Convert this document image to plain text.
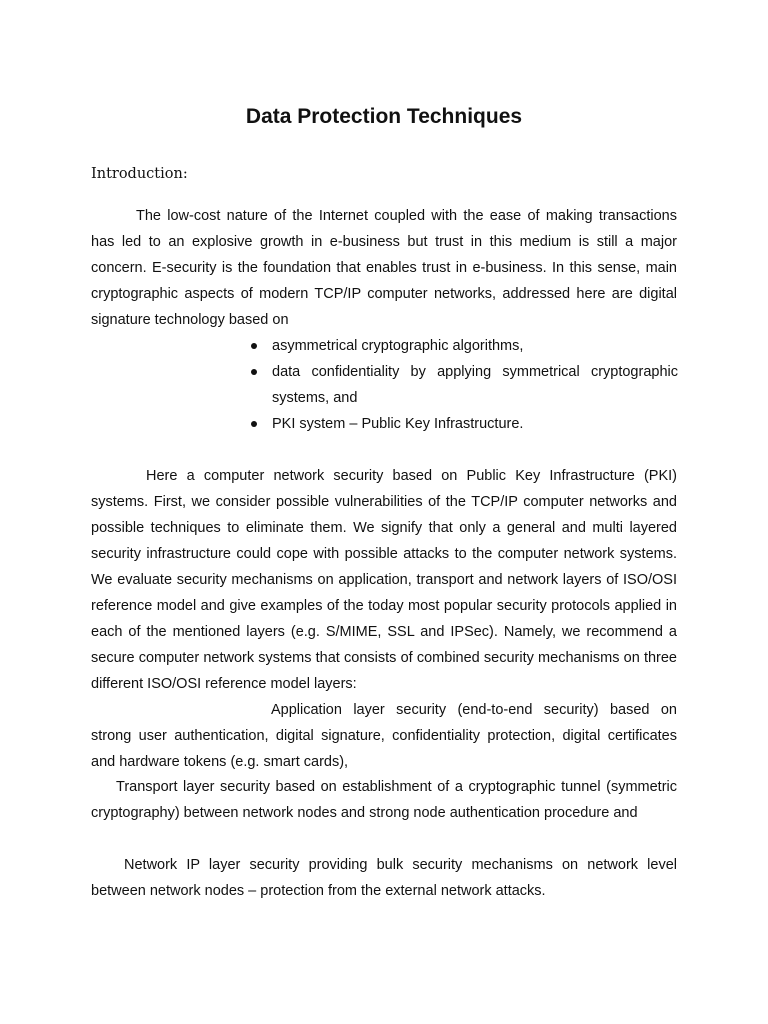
Data Protection Techniques
Introduction:

The low-cost nature of the Internet coupled with the ease of making transactions has led to an explosive growth in e-business but trust in this medium is still a major concern. E-security is the foundation that enables trust in e-business. In this sense, main cryptographic aspects of modern TCP/IP computer networks, addressed here are digital signature technology based on

asymmetrical cryptographic algorithms,
data confidentiality by applying symmetrical cryptographic systems, and
PKI system – Public Key Infrastructure.

Here a computer network security based on Public Key Infrastructure (PKI) systems. First, we consider possible vulnerabilities of the TCP/IP computer networks and possible techniques to eliminate them. We signify that only a general and multi layered security infrastructure could cope with possible attacks to the computer network systems. We evaluate security mechanisms on application, transport and network layers of ISO/OSI reference model and give examples of the today most popular security protocols applied in each of the mentioned layers (e.g. S/MIME, SSL and IPSec). Namely, we recommend a secure computer network systems that consists of combined security mechanisms on three different ISO/OSI reference model layers:

Application layer security (end-to-end security) based on strong user authentication, digital signature, confidentiality protection, digital certificates and hardware tokens (e.g. smart cards),

Transport layer security based on establishment of a cryptographic tunnel (symmetric cryptography) between network nodes and strong node authentication procedure and

Network IP layer security providing bulk security mechanisms on network level between network nodes – protection from the external network attacks.
